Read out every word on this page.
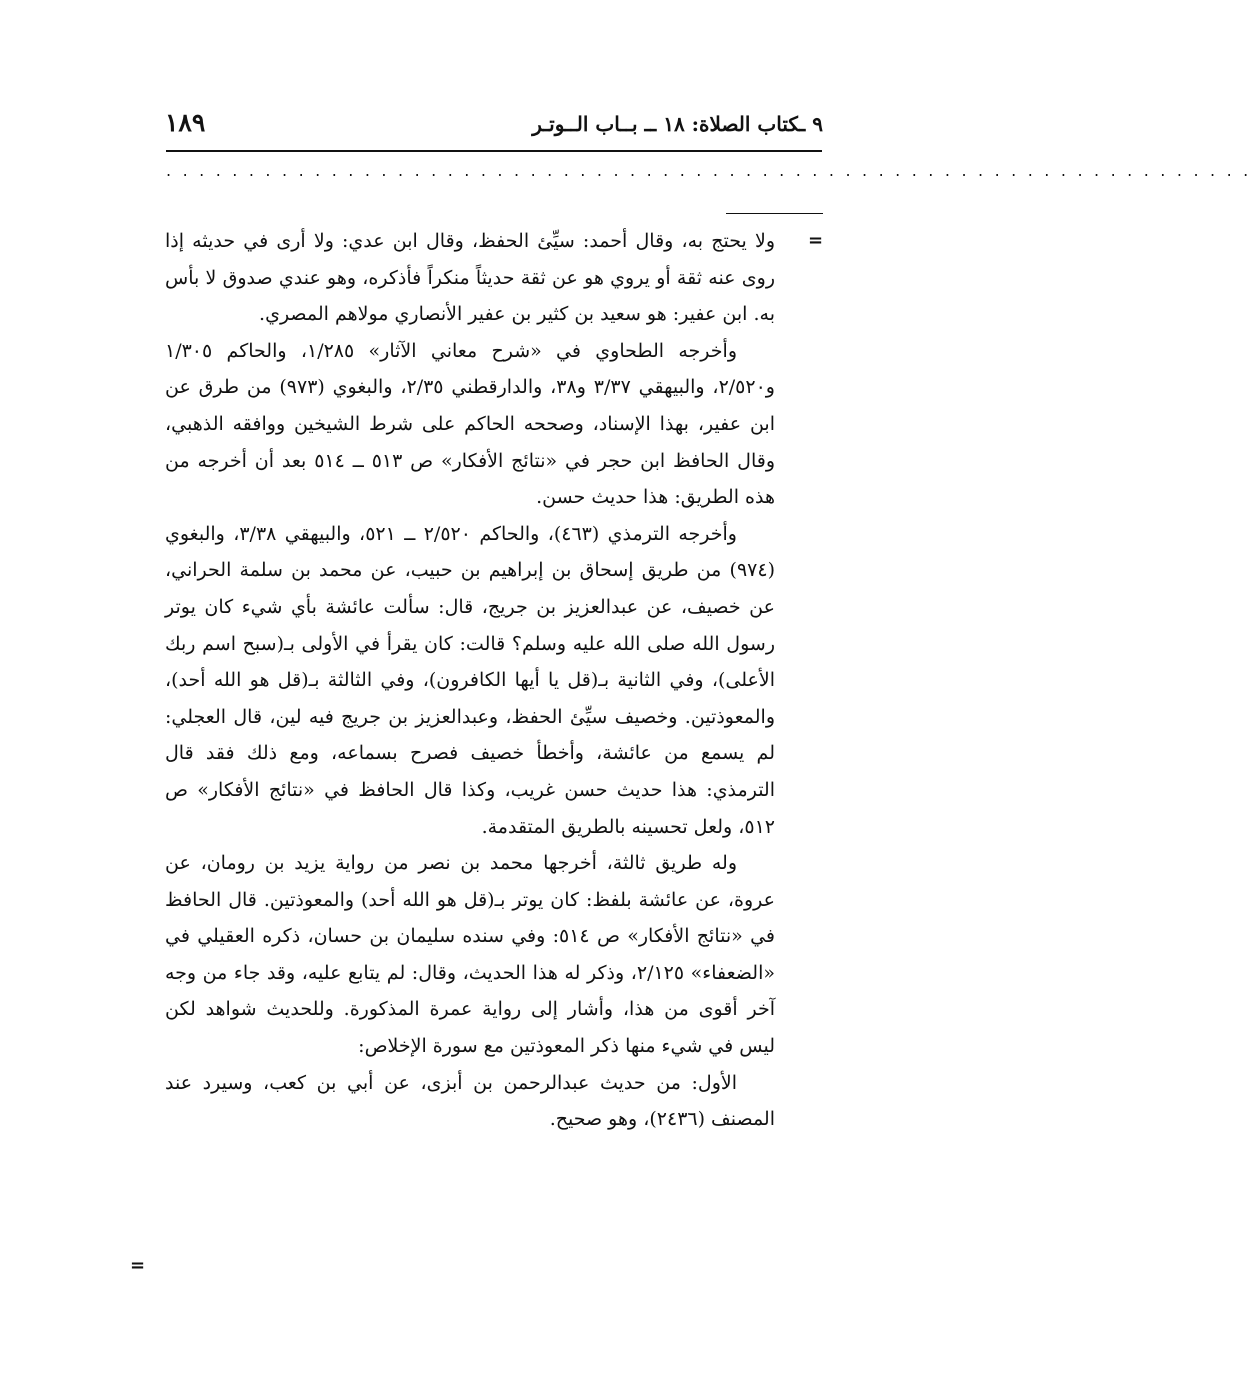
٩ ـكتاب الصلاة: ١٨ ــ بــاب الــوتـر
١٨٩
. . . . . . . . . . . . . . . . . . . . . . . . . . . . . . . . . . . . . . . . . . . . . . . . . . . . . . . . . . . . . . . . . .
=

ولا يحتج به، وقال أحمد: سيِّئ الحفظ، وقال ابن عدي: ولا أرى في حديثه إذا روى عنه ثقة أو يروي هو عن ثقة حديثاً منكراً فأذكره، وهو عندي صدوق لا بأس به. ابن عفير: هو سعيد بن كثير بن عفير الأنصاري مولاهم المصري.

وأخرجه الطحاوي في «شرح معاني الآثار» ١/٢٨٥، والحاكم ١/٣٠٥ و٢/٥٢٠، والبيهقي ٣/٣٧ و٣٨، والدارقطني ٢/٣٥، والبغوي (٩٧٣) من طرق عن ابن عفير، بهذا الإسناد، وصححه الحاكم على شرط الشيخين ووافقه الذهبي، وقال الحافظ ابن حجر في «نتائج الأفكار» ص ٥١٣ ــ ٥١٤ بعد أن أخرجه من هذه الطريق: هذا حديث حسن.

وأخرجه الترمذي (٤٦٣)، والحاكم ٢/٥٢٠ ــ ٥٢١، والبيهقي ٣/٣٨، والبغوي (٩٧٤) من طريق إسحاق بن إبراهيم بن حبيب، عن محمد بن سلمة الحراني، عن خصيف، عن عبدالعزيز بن جريج، قال: سألت عائشة بأي شيء كان يوتر رسول الله صلى الله عليه وسلم؟ قالت: كان يقرأ في الأولى بـ(سبح اسم ربك الأعلى)، وفي الثانية بـ(قل يا أيها الكافرون)، وفي الثالثة بـ(قل هو الله أحد)، والمعوذتين. وخصيف سيِّئ الحفظ، وعبدالعزيز بن جريج فيه لين، قال العجلي: لم يسمع من عائشة، وأخطأ خصيف فصرح بسماعه، ومع ذلك فقد قال الترمذي: هذا حديث حسن غريب، وكذا قال الحافظ في «نتائج الأفكار» ص ٥١٢، ولعل تحسينه بالطريق المتقدمة.

وله طريق ثالثة، أخرجها محمد بن نصر من رواية يزيد بن رومان، عن عروة، عن عائشة بلفظ: كان يوتر بـ(قل هو الله أحد) والمعوذتين. قال الحافظ في «نتائج الأفكار» ص ٥١٤: وفي سنده سليمان بن حسان، ذكره العقيلي في «الضعفاء» ٢/١٢٥، وذكر له هذا الحديث، وقال: لم يتابع عليه، وقد جاء من وجه آخر أقوى من هذا، وأشار إلى رواية عمرة المذكورة. وللحديث شواهد لكن ليس في شيء منها ذكر المعوذتين مع سورة الإخلاص:

الأول: من حديث عبدالرحمن بن أبزى، عن أبي بن كعب، وسيرد عند المصنف (٢٤٣٦)، وهو صحيح.

=
